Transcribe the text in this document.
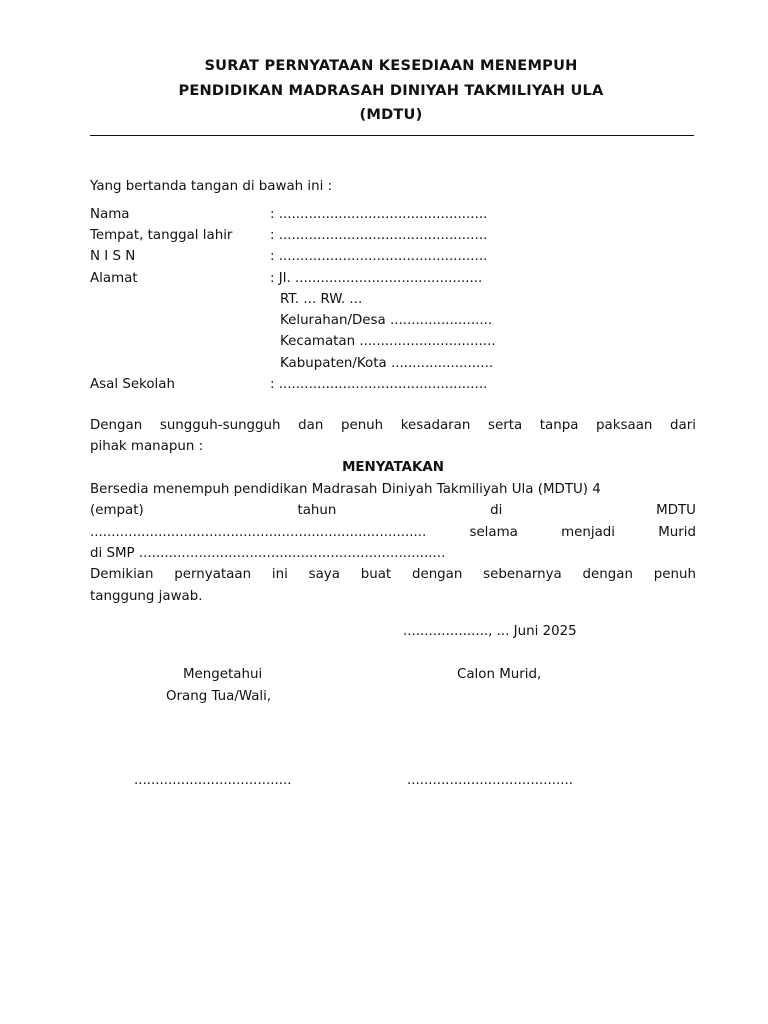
SURAT PERNYATAAN KESEDIAAN MENEMPUH
PENDIDIKAN MADRASAH DINIYAH TAKMILIYAH ULA
(MDTU)
Yang bertanda tangan di bawah ini :
Nama	: .................................................
Tempat, tanggal lahir	: .................................................
N I S N	: .................................................
Alamat	: Jl. ............................................
RT. ... RW. ...
Kelurahan/Desa ........................
Kecamatan ................................
Kabupaten/Kota ........................
Asal Sekolah	: .................................................
Dengan sungguh-sungguh dan penuh kesadaran serta tanpa paksaan dari
pihak manapun :
MENYATAKAN
Bersedia menempuh pendidikan Madrasah Diniyah Takmiliyah Ula (MDTU) 4
(empat)	tahun	di	MDTU
...............................................................................	selama	menjadi	Murid
di SMP ........................................................................
Demikian pernyataan ini saya buat dengan sebenarnya dengan penuh
tanggung jawab.
...................., ... Juni 2025
Mengetahui
Orang Tua/Wali,
Calon Murid,
.....................................	.......................................
